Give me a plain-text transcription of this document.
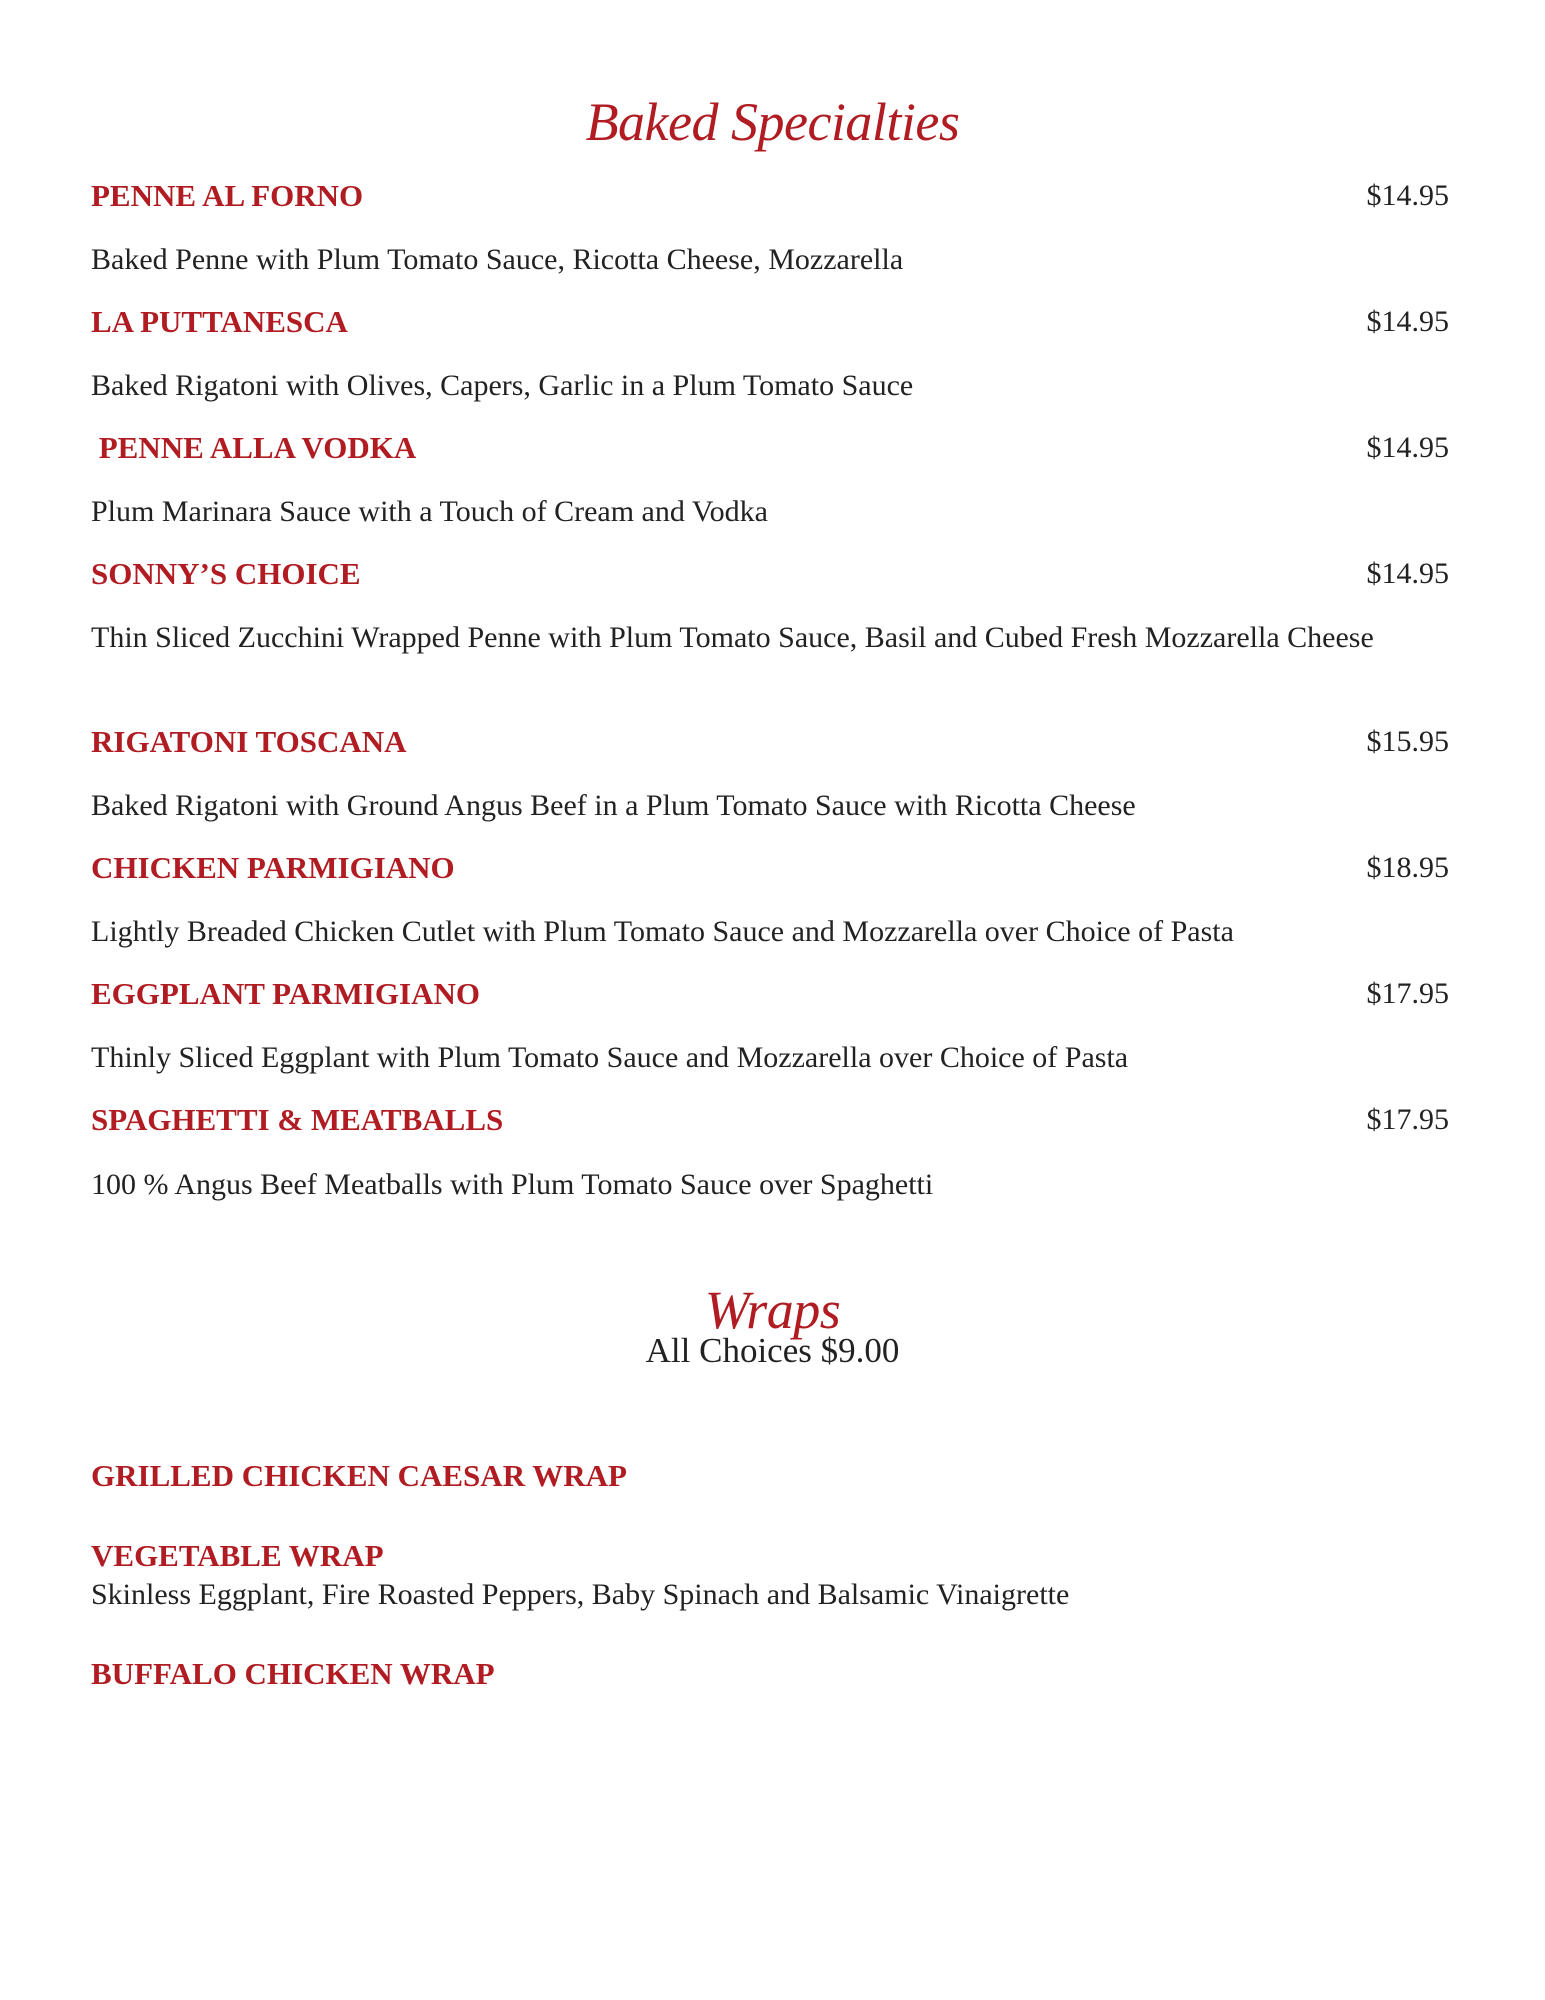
Baked Specialties
PENNE AL FORNO	$14.95
Baked Penne with Plum Tomato Sauce, Ricotta Cheese, Mozzarella
LA PUTTANESCA	$14.95
Baked Rigatoni with Olives, Capers, Garlic in a Plum Tomato Sauce
PENNE ALLA VODKA	$14.95
Plum Marinara Sauce with a Touch of Cream and Vodka
SONNY’S CHOICE	$14.95
Thin Sliced Zucchini Wrapped Penne with Plum Tomato Sauce, Basil and Cubed Fresh Mozzarella Cheese
RIGATONI TOSCANA	$15.95
Baked Rigatoni with Ground Angus Beef in a Plum Tomato Sauce with Ricotta Cheese
CHICKEN PARMIGIANO	$18.95
Lightly Breaded Chicken Cutlet with Plum Tomato Sauce and Mozzarella over Choice of Pasta
EGGPLANT PARMIGIANO	$17.95
Thinly Sliced Eggplant with Plum Tomato Sauce and Mozzarella over Choice of Pasta
SPAGHETTI & MEATBALLS	$17.95
100 % Angus Beef Meatballs with Plum Tomato Sauce over Spaghetti
Wraps
All Choices $9.00
GRILLED CHICKEN CAESAR WRAP
VEGETABLE WRAP
Skinless Eggplant, Fire Roasted Peppers, Baby Spinach and Balsamic Vinaigrette
BUFFALO CHICKEN WRAP
